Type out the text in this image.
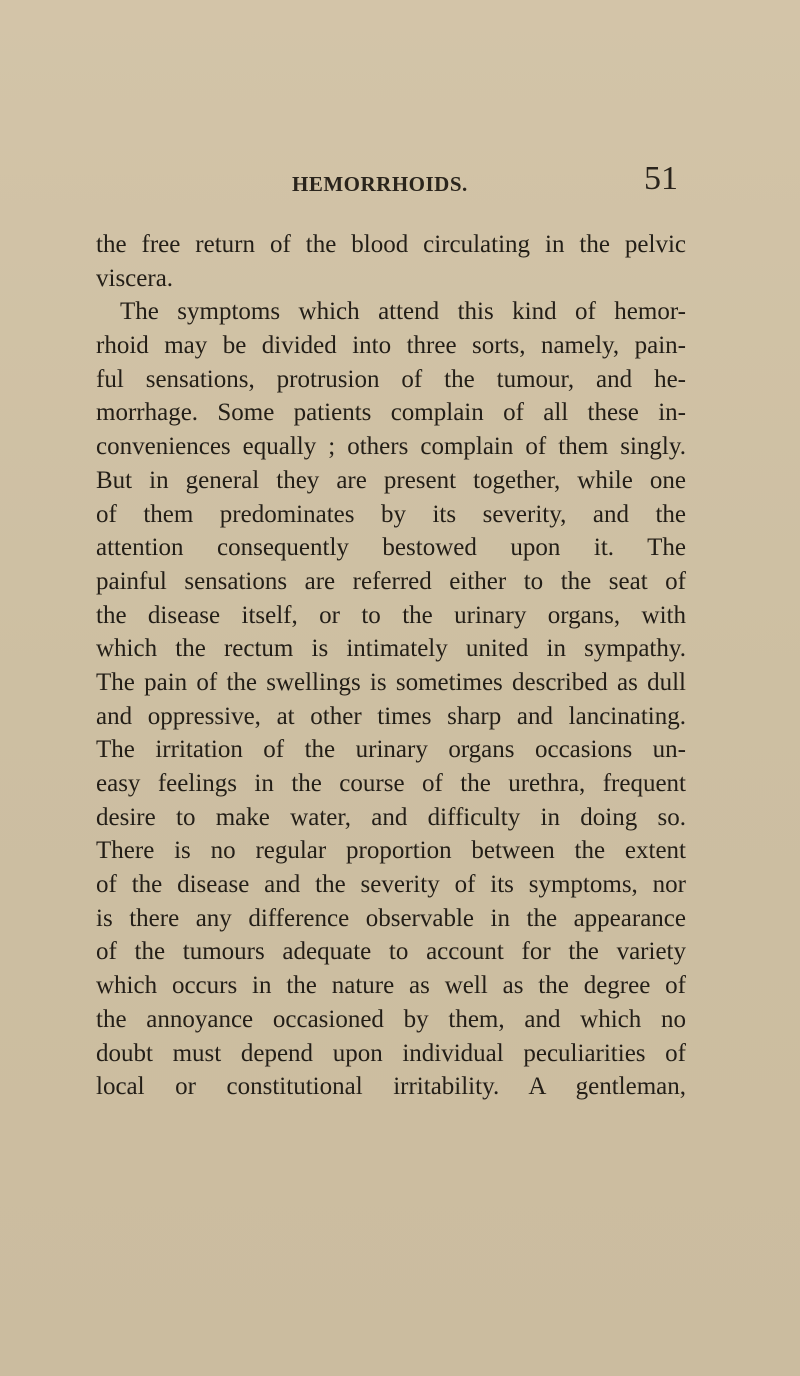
HEMORRHOIDS.	51
the free return of the blood circulating in the pelvic
viscera.
The symptoms which attend this kind of hemor-
rhoid may be divided into three sorts, namely, pain-
ful sensations, protrusion of the tumour, and he-
morrhage. Some patients complain of all these in-
conveniences equally ; others complain of them singly.
But in general they are present together, while one
of them predominates by its severity, and the
attention consequently bestowed upon it. The
painful sensations are referred either to the seat of
the disease itself, or to the urinary organs, with
which the rectum is intimately united in sympathy.
The pain of the swellings is sometimes described as dull
and oppressive, at other times sharp and lancinating.
The irritation of the urinary organs occasions un-
easy feelings in the course of the urethra, frequent
desire to make water, and difficulty in doing so.
There is no regular proportion between the extent
of the disease and the severity of its symptoms, nor
is there any difference observable in the appearance
of the tumours adequate to account for the variety
which occurs in the nature as well as the degree of
the annoyance occasioned by them, and which no
doubt must depend upon individual peculiarities of
local or constitutional irritability. A gentleman,
